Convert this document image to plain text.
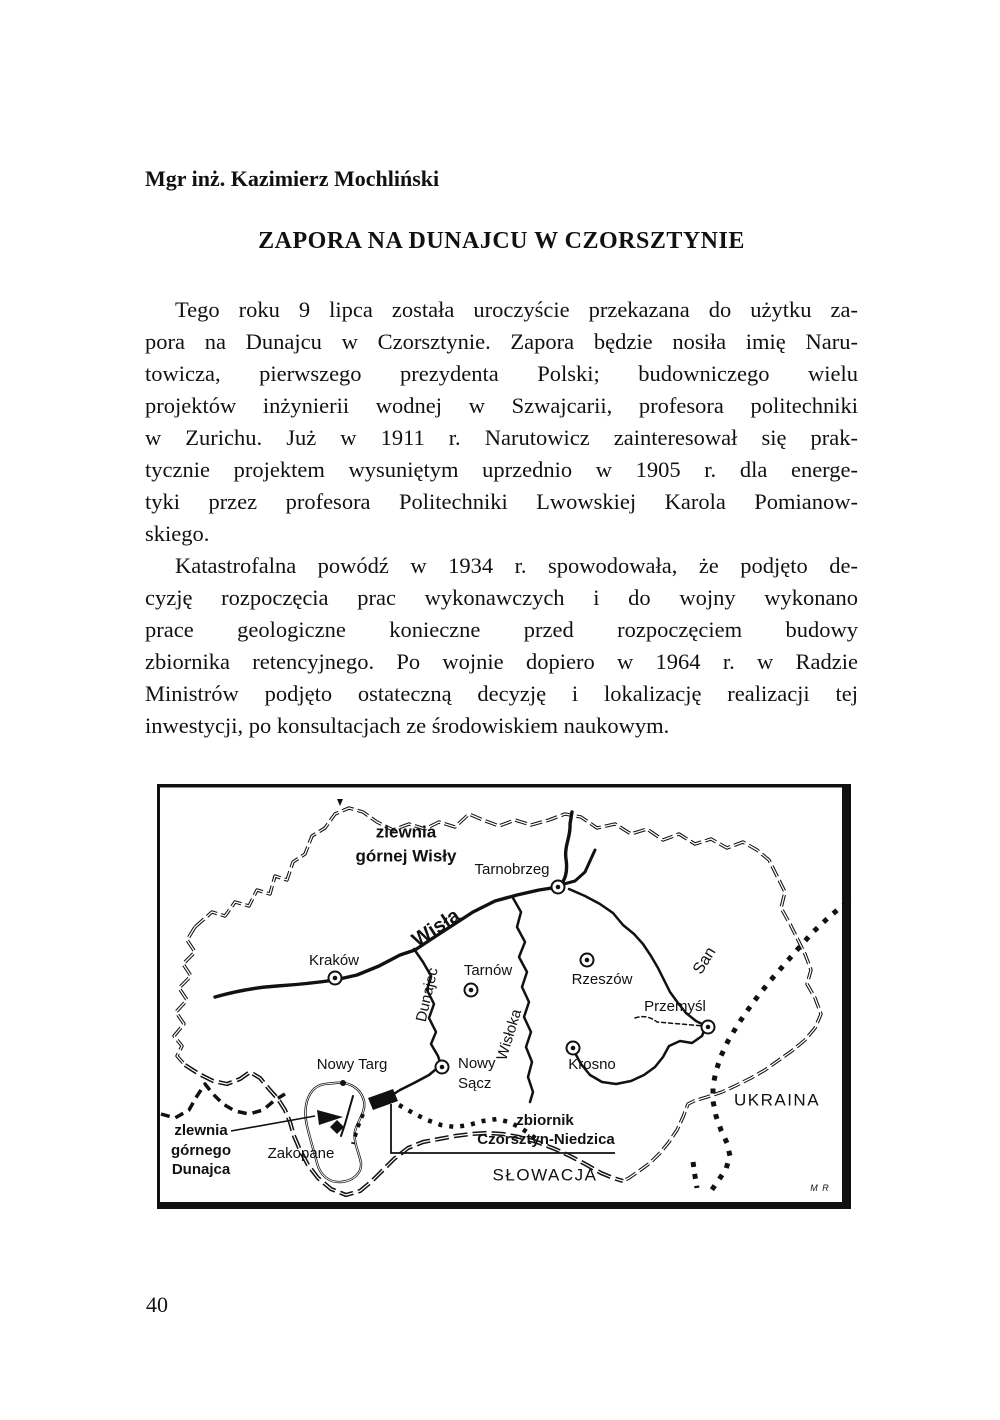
Mgr inż. Kazimierz Mochliński
ZAPORA NA DUNAJCU W CZORSZTYNIE
Tego roku 9 lipca została uroczyście przekazana do użytku za-
pora na Dunajcu w Czorsztynie. Zapora będzie nosiła imię Naru-
towicza, pierwszego prezydenta Polski; budowniczego wielu
projektów inżynierii wodnej w Szwajcarii, profesora politechniki
w Zurichu. Już w 1911 r. Narutowicz zainteresował się prak-
tycznie projektem wysuniętym uprzednio w 1905 r. dla energe-
tyki przez profesora Politechniki Lwowskiej Karola Pomianow-
skiego.
Katastrofalna powódź w 1934 r. spowodowała, że podjęto de-
cyzję rozpoczęcia prac wykonawczych i do wojny wykonano
prace geologiczne konieczne przed rozpoczęciem budowy
zbiornika retencyjnego. Po wojnie dopiero w 1964 r. w Radzie
Ministrów podjęto ostateczną decyzję i lokalizację realizacji tej
inwestycji, po konsultacjach ze środowiskiem naukowym.
zlewnia
górnej Wisły
Tarnobrzeg
Wisła
Kraków
Dunajec Tarnów
Wisłoka
Rzeszów
San
Przemyśl
Krosno
Nowy Targ	Nowy
Sącz
zlewnia
górnego
Dunajca
Zakopane
zbiornik
Czorsztyn-Niedzica
SŁOWACJA
UKRAINA
M R
40
